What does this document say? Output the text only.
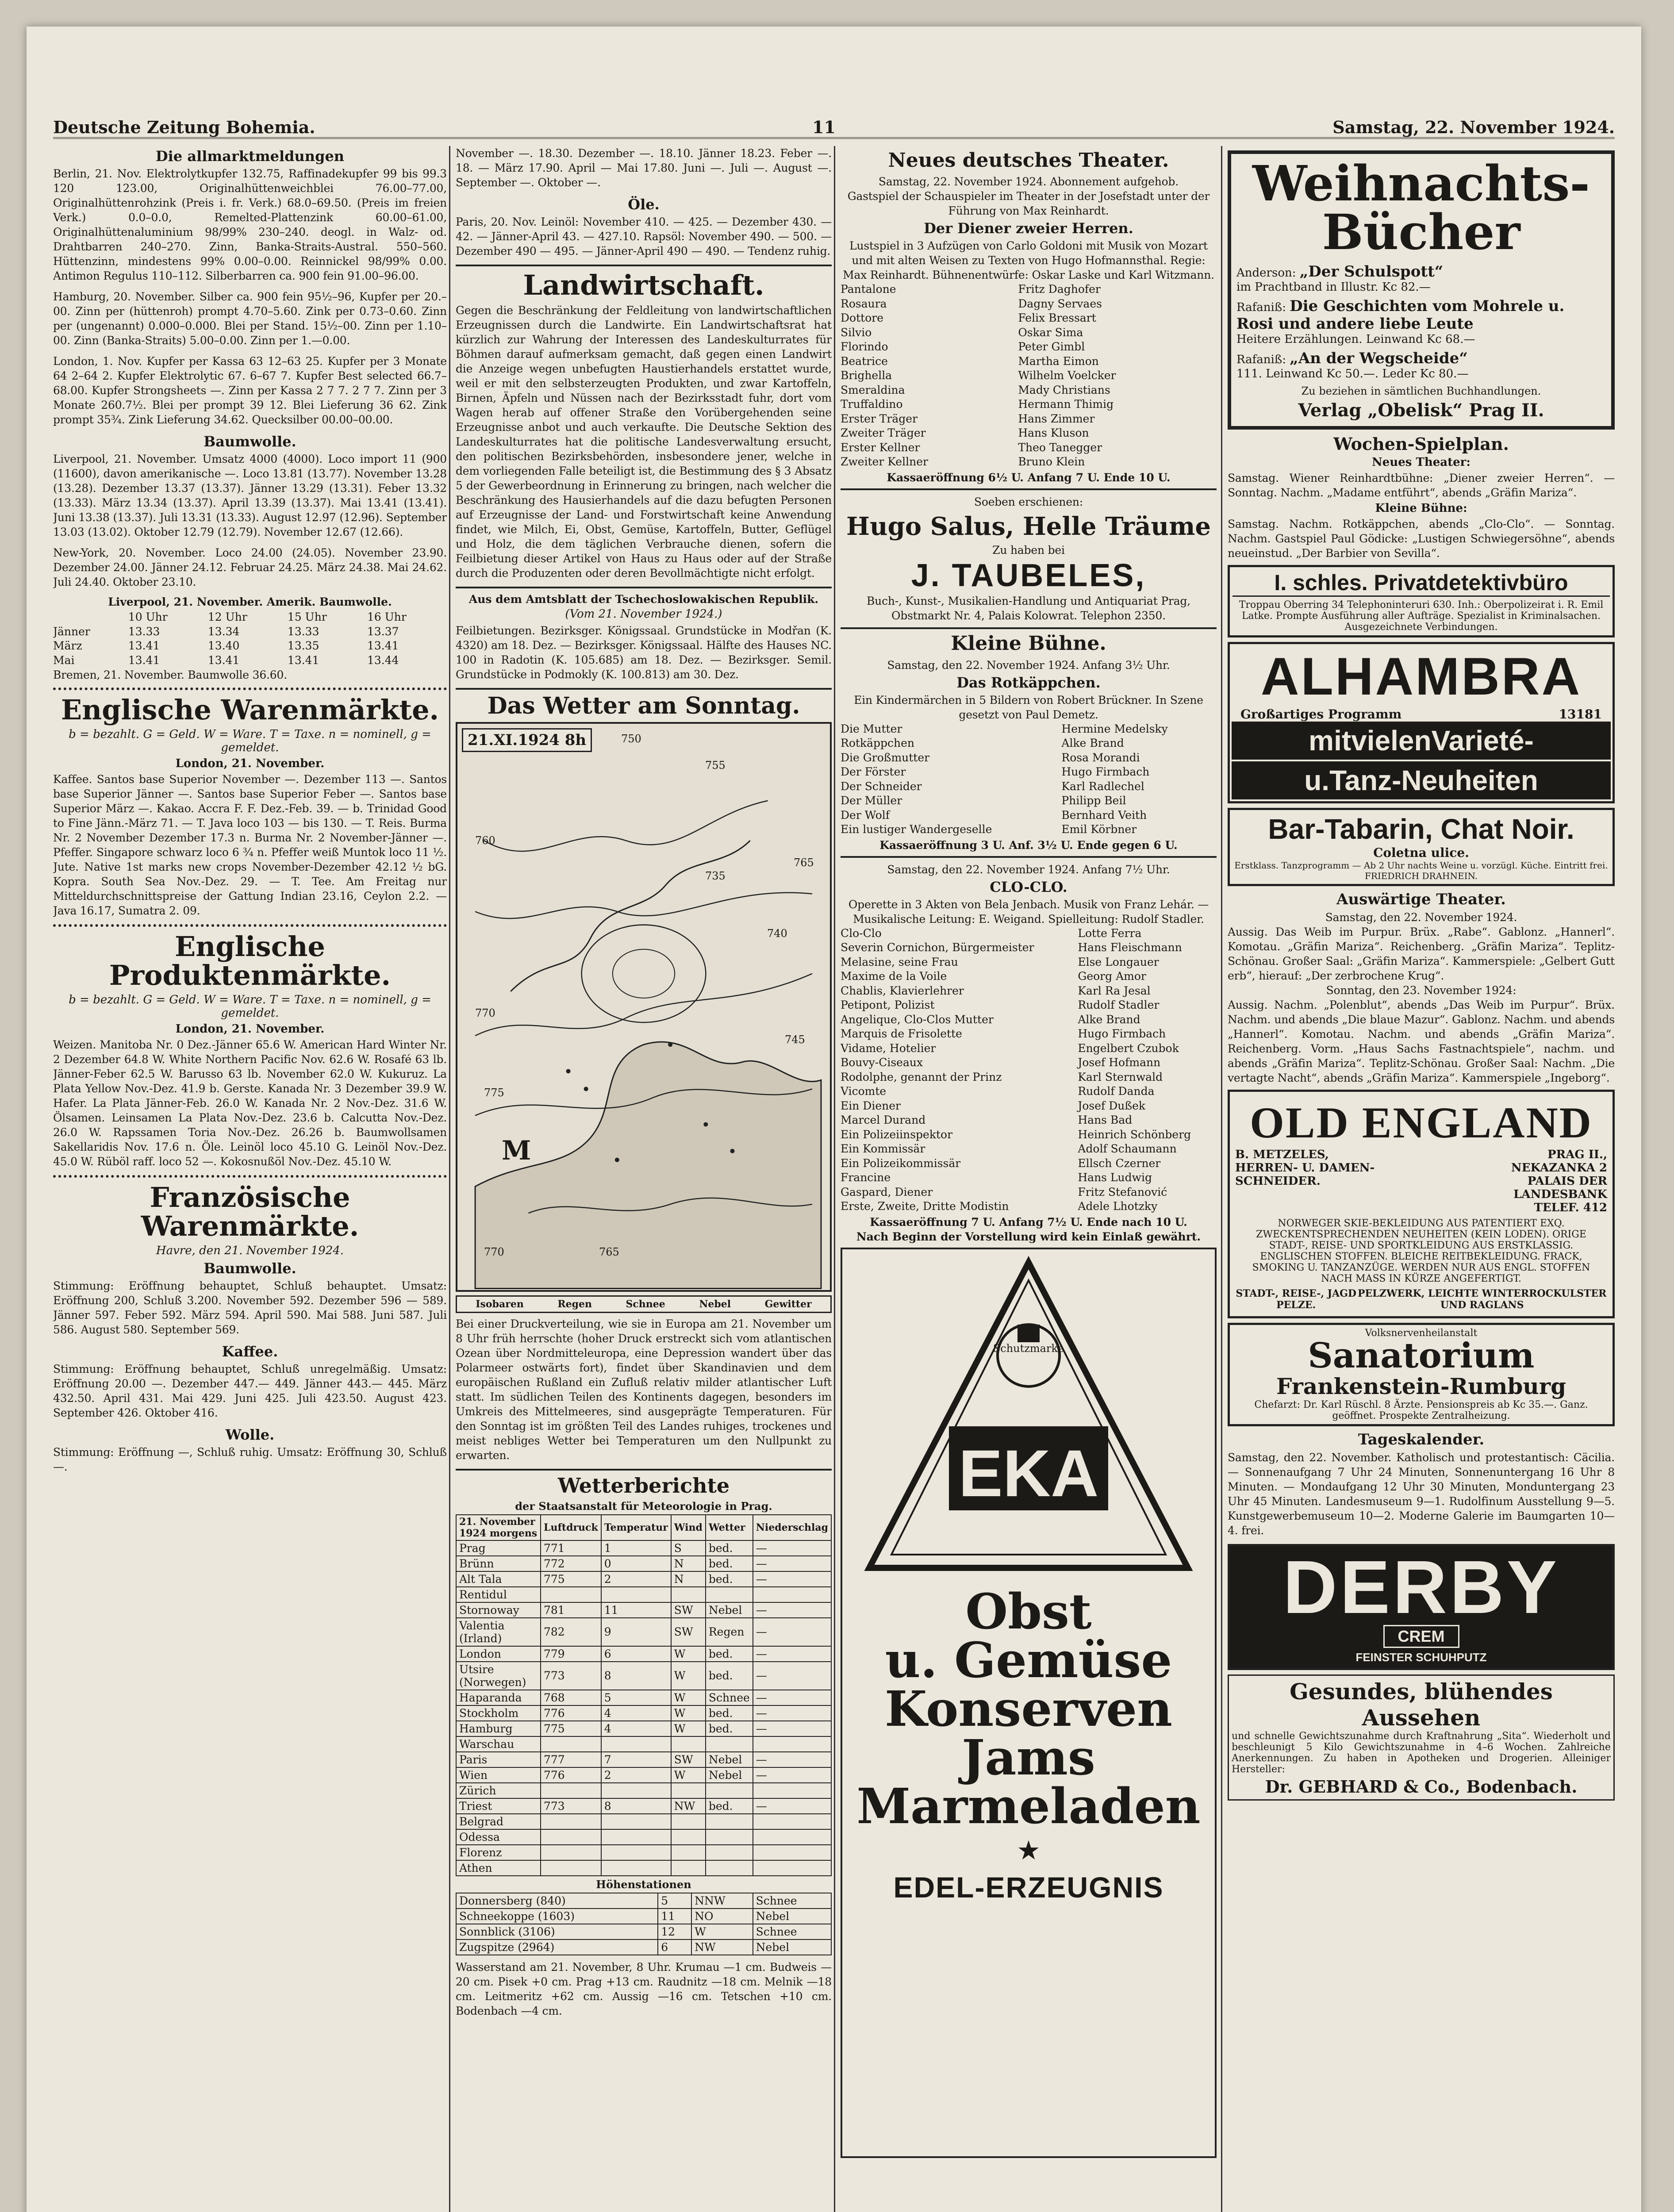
Deutsche Zeitung Bohemia.	11	Samstag, 22. November 1924.
Die allmarktmeldungen
Berlin, 21. Nov. Elektrolytkupfer 132.75, Raffinadekupfer 99 bis 99.3 120 123.00, Originalhüttenweichblei 76.00–77.00, Originalhüttenrohzink (Preis i. fr. Verk.) 68.0–69.50. (Preis im freien Verk.) 0.0–0.0, Remelted-Plattenzink 60.00–61.00, Originalhüttenaluminium 98/99% 230–240. deogl. in Walz- od. Drahtbarren 240–270. Zinn, Banka-Straits-Austral. 550–560. Hüttenzinn, mindestens 99% 0.00–0.00. Reinnickel 98/99% 0.00. Antimon Regulus 110–112. Silberbarren ca. 900 fein 91.00–96.00.
Hamburg, 20. November. Silber ca. 900 fein 95½–96, Kupfer per 20.–00. Zinn per (hüttenroh) prompt 4.70–5.60. Zink per 0.73–0.60. Zinn per (ungenannt) 0.000–0.000. Blei per Stand. 15½–00. Zinn per 1.10–00. Zinn (Banka-Straits) 5.00–0.00. Zinn per 1.—0.00.
London, 1. Nov. Kupfer per Kassa 63 12–63 25. Kupfer per 3 Monate 64 2–64 2. Kupfer Elektrolytic 67. 6–67 7. Kupfer Best selected 66.7–68.00. Kupfer Strongsheets —. Zinn per Kassa 2 7 7. 2 7 7. Zinn per 3 Monate 260.7½. Blei per prompt 39 12. Blei Lieferung 36 62. Zink prompt 35¾. Zink Lieferung 34.62. Quecksilber 00.00–00.00.
Baumwolle.
Liverpool, 21. November. Umsatz 4000 (4000). Loco import 11 (900 (11600), davon amerikanische —. Loco 13.81 (13.77). November 13.28 (13.28). Dezember 13.37 (13.37). Jänner 13.29 (13.31). Feber 13.32 (13.33). März 13.34 (13.37). April 13.39 (13.37). Mai 13.41 (13.41). Juni 13.38 (13.37). Juli 13.31 (13.33). August 12.97 (12.96). September 13.03 (13.02). Oktober 12.79 (12.79). November 12.67 (12.66).
New-York, 20. November. Loco 24.00 (24.05). November 23.90. Dezember 24.00. Jänner 24.12. Februar 24.25. März 24.38. Mai 24.62. Juli 24.40. Oktober 23.10.
Liverpool, 21. November. Amerik. Baumwolle.
	10 Uhr	12 Uhr	15 Uhr	16 Uhr
Jänner	13.33	13.34	13.33	13.37
März	13.41	13.40	13.35	13.41
Mai	13.41	13.41	13.41	13.44
Bremen, 21. November. Baumwolle 36.60.
Englische Warenmärkte.
b = bezahlt. G = Geld. W = Ware. T = Taxe. n = nominell, g = gemeldet.
London, 21. November.
Kaffee. Santos base Superior November —. Dezember 113 —. Santos base Superior Jänner —. Santos base Superior Feber —. Santos base Superior März —. Kakao. Accra F. F. Dez.-Feb. 39. — b. Trinidad Good to Fine Jänn.-März 71. — T. Java loco 103 — bis 130. — T. Reis. Burma Nr. 2 November Dezember 17.3 n. Burma Nr. 2 November-Jänner —. Pfeffer. Singapore schwarz loco 6 ¾ n. Pfeffer weiß Muntok loco 11 ½. Jute. Native 1st marks new crops November-Dezember 42.12 ½ bG. Kopra. South Sea Nov.-Dez. 29. — T. Tee. Am Freitag nur Mitteldurchschnittspreise der Gattung Indian 23.16, Ceylon 2.2. — Java 16.17, Sumatra 2. 09.
Englische Produktenmärkte.
b = bezahlt. G = Geld. W = Ware. T = Taxe. n = nominell, g = gemeldet.
London, 21. November.
Weizen. Manitoba Nr. 0 Dez.-Jänner 65.6 W. American Hard Winter Nr. 2 Dezember 64.8 W. White Northern Pacific Nov. 62.6 W. Rosafé 63 lb. Jänner-Feber 62.5 W. Barusso 63 lb. November 62.0 W. Kukuruz. La Plata Yellow Nov.-Dez. 41.9 b. Gerste. Kanada Nr. 3 Dezember 39.9 W. Hafer. La Plata Jänner-Feb. 26.0 W. Kanada Nr. 2 Nov.-Dez. 31.6 W. Ölsamen. Leinsamen La Plata Nov.-Dez. 23.6 b. Calcutta Nov.-Dez. 26.0 W. Rapssamen Toria Nov.-Dez. 26.26 b. Baumwollsamen Sakellaridis Nov. 17.6 n. Öle. Leinöl loco 45.10 G. Leinöl Nov.-Dez. 45.0 W. Rüböl raff. loco 52 —. Kokosnußöl Nov.-Dez. 45.10 W.
Französische Warenmärkte.
Havre, den 21. November 1924.
Baumwolle.
Stimmung: Eröffnung behauptet, Schluß behauptet. Umsatz: Eröffnung 200, Schluß 3.200. November 592. Dezember 596 — 589. Jänner 597. Feber 592. März 594. April 590. Mai 588. Juni 587. Juli 586. August 580. September 569.
Kaffee.
Stimmung: Eröffnung behauptet, Schluß unregelmäßig. Umsatz: Eröffnung 20.00 —. Dezember 447.— 449. Jänner 443.— 445. März 432.50. April 431. Mai 429. Juni 425. Juli 423.50. August 423. September 426. Oktober 416.
Wolle.
Stimmung: Eröffnung —, Schluß ruhig. Umsatz: Eröffnung 30, Schluß —.
November —. 18.30. Dezember —. 18.10. Jänner 18.23. Feber —. 18. — März 17.90. April — Mai 17.80. Juni —. Juli —. August —. September —. Oktober —.
Öle.
Paris, 20. Nov. Leinöl: November 410. — 425. — Dezember 430. — 42. — Jänner-April 43. — 427.10. Rapsöl: November 490. — 500. — Dezember 490 — 495. — Jänner-April 490 — 490. — Tendenz ruhig.
Landwirtschaft.
Gegen die Beschränkung der Feldleitung von landwirtschaftlichen Erzeugnissen durch die Landwirte. Ein Landwirtschaftsrat hat kürzlich zur Wahrung der Interessen des Landeskulturrates für Böhmen darauf aufmerksam gemacht, daß gegen einen Landwirt die Anzeige wegen unbefugten Haustierhandels erstattet wurde, weil er mit den selbsterzeugten Produkten, und zwar Kartoffeln, Birnen, Äpfeln und Nüssen nach der Bezirksstadt fuhr, dort vom Wagen herab auf offener Straße den Vorübergehenden seine Erzeugnisse anbot und auch verkaufte. Die Deutsche Sektion des Landeskulturrates hat die politische Landesverwaltung ersucht, den politischen Bezirksbehörden, insbesondere jener, welche in dem vorliegenden Falle beteiligt ist, die Bestimmung des § 3 Absatz 5 der Gewerbeordnung in Erinnerung zu bringen, nach welcher die Beschränkung des Hausierhandels auf die dazu befugten Personen auf Erzeugnisse der Land- und Forstwirtschaft keine Anwendung findet, wie Milch, Ei, Obst, Gemüse, Kartoffeln, Butter, Geflügel und Holz, die dem täglichen Verbrauche dienen, sofern die Feilbietung dieser Artikel von Haus zu Haus oder auf der Straße durch die Produzenten oder deren Bevollmächtigte nicht erfolgt.
Aus dem Amtsblatt der Tschechoslowakischen Republik.
(Vom 21. November 1924.)
Feilbietungen. Bezirksger. Königssaal. Grundstücke in Modřan (K. 4320) am 18. Dez. — Bezirksger. Königssaal. Hälfte des Hauses NC. 100 in Radotin (K. 105.685) am 18. Dez. — Bezirksger. Semil. Grundstücke in Podmokly (K. 100.813) am 30. Dez.
Das Wetter am Sonntag.
21.XI.1924 8h	750
755
760
765
770
775
735
740
745
765
770
M
Isobaren	Regen	Schnee	Nebel	Gewitter
Bei einer Druckverteilung, wie sie in Europa am 21. November um 8 Uhr früh herrschte (hoher Druck erstreckt sich vom atlantischen Ozean über Nordmitteleuropa, eine Depression wandert über das Polarmeer ostwärts fort), findet über Skandinavien und dem europäischen Rußland ein Zufluß relativ milder atlantischer Luft statt. Im südlichen Teilen des Kontinents dagegen, besonders im Umkreis des Mittelmeeres, sind ausgeprägte Temperaturen. Für den Sonntag ist im größten Teil des Landes ruhiges, trockenes und meist nebliges Wetter bei Temperaturen um den Nullpunkt zu erwarten.
Wetterberichte
der Staatsanstalt für Meteorologie in Prag.
21. November 1924 morgens	Luftdruck	Temperatur	Wind	Wetter	Niederschlag
Prag	771	1	S	bed.	—
Brünn	772	0	N	bed.	—
Alt Tala	775	2	N	bed.	—
Rentidul					
Stornoway	781	11	SW	Nebel	—
Valentia (Irland)	782	9	SW	Regen	—
London	779	6	W	bed.	—
Utsire (Norwegen)	773	8	W	bed.	—
Haparanda	768	5	W	Schnee	—
Stockholm	776	4	W	bed.	—
Hamburg	775	4	W	bed.	—
Warschau					
Paris	777	7	SW	Nebel	—
Wien	776	2	W	Nebel	—
Zürich					
Triest	773	8	NW	bed.	—
Belgrad					
Odessa					
Florenz					
Athen					
Höhenstationen
Donnersberg (840)	5	NNW	Schnee
Schneekoppe (1603)	11	NO	Nebel
Sonnblick (3106)	12	W	Schnee
Zugspitze (2964)	6	NW	Nebel
Wasserstand am 21. November, 8 Uhr. Krumau —1 cm. Budweis —20 cm. Pisek +0 cm. Prag +13 cm. Raudnitz —18 cm. Melnik —18 cm. Leitmeritz +62 cm. Aussig —16 cm. Tetschen +10 cm. Bodenbach —4 cm.
Neues deutsches Theater.
Samstag, 22. November 1924. Abonnement aufgehob.
Gastspiel der Schauspieler im Theater in der Josefstadt unter der Führung von Max Reinhardt.
Der Diener zweier Herren.
Lustspiel in 3 Aufzügen von Carlo Goldoni mit Musik von Mozart und mit alten Weisen zu Texten von Hugo Hofmannsthal. Regie: Max Reinhardt. Bühnenentwürfe: Oskar Laske und Karl Witzmann.
Pantalone	Fritz Daghofer
Rosaura	Dagny Servaes
Dottore	Felix Bressart
Silvio	Oskar Sima
Florindo	Peter Gimbl
Beatrice	Martha Eimon
Brighella	Wilhelm Voelcker
Smeraldina	Mady Christians
Truffaldino	Hermann Thimig
Erster Träger	Hans Zimmer
Zweiter Träger	Hans Kluson
Erster Kellner	Theo Tanegger
Zweiter Kellner	Bruno Klein
Kassaeröffnung 6½ U. Anfang 7 U. Ende 10 U.
Soeben erschienen:
Hugo Salus, Helle Träume
Zu haben bei
J. TAUBELES,
Buch-, Kunst-, Musikalien-Handlung und Antiquariat Prag, Obstmarkt Nr. 4, Palais Kolowrat. Telephon 2350.
Kleine Bühne.
Samstag, den 22. November 1924. Anfang 3½ Uhr.
Das Rotkäppchen.
Ein Kindermärchen in 5 Bildern von Robert Brückner. In Szene gesetzt von Paul Demetz.
Die Mutter	Hermine Medelsky
Rotkäppchen	Alke Brand
Die Großmutter	Rosa Morandi
Der Förster	Hugo Firmbach
Der Schneider	Karl Radlechel
Der Müller	Philipp Beil
Der Wolf	Bernhard Veith
Ein lustiger Wandergeselle	Emil Körbner
Kassaeröffnung 3 U. Anf. 3½ U. Ende gegen 6 U.
Samstag, den 22. November 1924. Anfang 7½ Uhr.
CLO-CLO.
Operette in 3 Akten von Bela Jenbach. Musik von Franz Lehár. — Musikalische Leitung: E. Weigand. Spielleitung: Rudolf Stadler.
Clo-Clo	Lotte Ferra
Severin Cornichon, Bürgermeister	Hans Fleischmann
Melasine, seine Frau	Else Longauer
Maxime de la Voile	Georg Amor
Chablis, Klavierlehrer	Karl Ra Jesal
Petipont, Polizist	Rudolf Stadler
Angelique, Clo-Clos Mutter	Alke Brand
Marquis de Frisolette	Hugo Firmbach
Vidame, Hotelier	Engelbert Czubok
Bouvy-Ciseaux	Josef Hofmann
Rodolphe, genannt der Prinz	Karl Sternwald
Vicomte	Rudolf Danda
Ein Diener	Josef Dußek
Marcel Durand	Hans Bad
Ein Polizeiinspektor	Heinrich Schönberg
Ein Kommissär	Adolf Schaumann
Ein Polizeikommissär	Ellsch Czerner
Francine	Hans Ludwig
Gaspard, Diener	Fritz Stefanović
Erste, Zweite, Dritte Modistin	Adele Lhotzky
Kassaeröffnung 7 U. Anfang 7½ U. Ende nach 10 U.
Nach Beginn der Vorstellung wird kein Einlaß gewährt.
EKA
Schutzmarke
Obst
u. Gemüse
Konserven
Jams
Marmeladen
★
EDEL-ERZEUGNIS
Weihnachts-Bücher
Anderson: „Der Schulspott“
im Prachtband in Illustr. Kc 82.—
Rafaniß: Die Geschichten vom Mohrele u. Rosi und andere liebe Leute
Heitere Erzählungen. Leinwand Kc 68.—
Rafaniß: „An der Wegscheide“
111. Leinwand Kc 50.—. Leder Kc 80.—
Zu beziehen in sämtlichen Buchhandlungen.
Verlag „Obelisk“ Prag II.
Wochen-Spielplan.
Neues Theater:
Samstag. Wiener Reinhardtbühne: „Diener zweier Herren“. — Sonntag. Nachm. „Madame entführt“, abends „Gräfin Mariza“.
Kleine Bühne:
Samstag. Nachm. Rotkäppchen, abends „Clo-Clo“. — Sonntag. Nachm. Gastspiel Paul Gödicke: „Lustigen Schwiegersöhne“, abends neueinstud. „Der Barbier von Sevilla“.
I. schles. Privatdetektivbüro
Troppau Oberring 34 Telephoninteruri 630. Inh.: Oberpolizeirat i. R. Emil Latke. Prompte Ausführung aller Aufträge. Spezialist in Kriminalsachen. Ausgezeichnete Verbindungen.
ALHAMBRA
Großartiges Programm	13181
mitvielenVarieté-
u.Tanz-Neuheiten
Bar-Tabarin, Chat Noir.
Coletna ulice.
Erstklass. Tanzprogramm — Ab 2 Uhr nachts Weine u. vorzügl. Küche. Eintritt frei. FRIEDRICH DRAHNEIN.
Auswärtige Theater.
Samstag, den 22. November 1924.
Aussig. Das Weib im Purpur. Brüx. „Rabe“. Gablonz. „Hannerl“. Komotau. „Gräfin Mariza“. Reichenberg. „Gräfin Mariza“. Teplitz-Schönau. Großer Saal: „Gräfin Mariza“. Kammerspiele: „Gelbert Gutt erb“, hierauf: „Der zerbrochene Krug“.
Sonntag, den 23. November 1924:
Aussig. Nachm. „Polenblut“, abends „Das Weib im Purpur“. Brüx. Nachm. und abends „Die blaue Mazur“. Gablonz. Nachm. und abends „Hannerl“. Komotau. Nachm. und abends „Gräfin Mariza“. Reichenberg. Vorm. „Haus Sachs Fastnachtspiele“, nachm. und abends „Gräfin Mariza“. Teplitz-Schönau. Großer Saal: Nachm. „Die vertagte Nacht“, abends „Gräfin Mariza“. Kammerspiele „Ingeborg“.
OLD ENGLAND
B. METZELES,
HERREN- U. DAMEN-SCHNEIDER.
PRAG II.,
NEKAZANKA 2
PALAIS DER LANDESBANK
TELEF. 412
NORWEGER SKIE-BEKLEIDUNG AUS PATENTIERT EXQ. ZWECKENTSPRECHENDEN NEUHEITEN (KEIN LODEN). ORIGE STADT-, REISE- UND SPORTKLEIDUNG AUS ERSTKLASSIG. ENGLISCHEN STOFFEN. BLEICHE REITBEKLEIDUNG. FRACK, SMOKING U. TANZANZÜGE. WERDEN NUR AUS ENGL. STOFFEN NACH MASS IN KÜRZE ANGEFERTIGT.
STADT-, REISE-, JAGD PELZE.
PELZWERK, LEICHTE WINTERROCKULSTER UND RAGLANS
Volksnervenheilanstalt
Sanatorium
Frankenstein-Rumburg
Chefarzt: Dr. Karl Rüschl. 8 Ärzte. Pensionspreis ab Kc 35.—. Ganz. geöffnet. Prospekte Zentralheizung.
Tageskalender.
Samstag, den 22. November. Katholisch und protestantisch: Cäcilia. — Sonnenaufgang 7 Uhr 24 Minuten, Sonnenuntergang 16 Uhr 8 Minuten. — Mondaufgang 12 Uhr 30 Minuten, Monduntergang 23 Uhr 45 Minuten. Landesmuseum 9—1. Rudolfinum Ausstellung 9—5. Kunstgewerbemuseum 10—2. Moderne Galerie im Baumgarten 10—4. frei.
DERBY
CREM
FEINSTER SCHUHPUTZ
Gesundes, blühendes Aussehen
und schnelle Gewichtszunahme durch Kraftnahrung „Sita“. Wiederholt und beschleunigt 5 Kilo Gewichtszunahme in 4–6 Wochen. Zahlreiche Anerkennungen. Zu haben in Apotheken und Drogerien. Alleiniger Hersteller:
Dr. GEBHARD & Co., Bodenbach.
